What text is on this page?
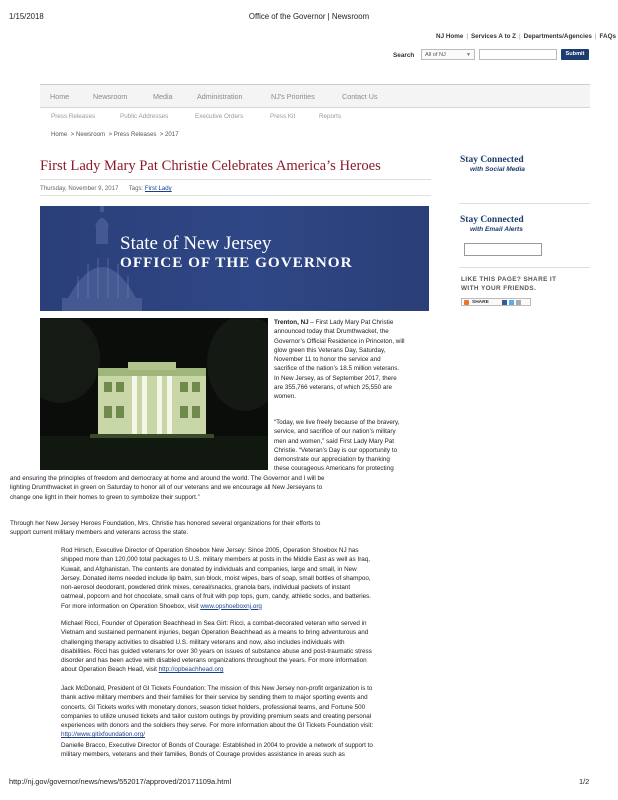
1/15/2018	Office of the Governor | Newsroom
NJ Home | Services A to Z | Departments/Agencies | FAQs
Search	All of NJ	▼	Submit
Home	Newsroom	Media	Administration	NJ's Priorities	Contact Us
Press Releases	Public Addresses	Executive Orders	Press Kit	Reports
Home > Newsroom > Press Releases > 2017
First Lady Mary Pat Christie Celebrates America’s Heroes
Thursday, November 9, 2017 Tags: First Lady
State of New Jersey
OFFICE OF THE GOVERNOR

Trenton, NJ – First Lady Mary Pat Christie
announced today that Drumthwacket, the
Governor’s Official Residence in Princeton, will
glow green this Veterans Day, Saturday,
November 11 to honor the service and
sacrifice of the nation’s 18.5 million veterans.
In New Jersey, as of September 2017, there
are 355,766 veterans, of which 25,550 are
women.

“Today, we live freely because of the bravery,
service, and sacrifice of our nation’s military
men and women,” said First Lady Mary Pat
Christie. “Veteran’s Day is our opportunity to
demonstrate our appreciation by thanking
these courageous Americans for protecting

and ensuring the principles of freedom and democracy at home and around the world. The Governor and I will be
lighting Drumthwacket in green on Saturday to honor all of our veterans and we encourage all New Jerseyans to
change one light in their homes to green to symbolize their support.”

Through her New Jersey Heroes Foundation, Mrs. Christie has honored several organizations for their efforts to
support current military members and veterans across the state.

Rod Hirsch, Executive Director of Operation Shoebox New Jersey: Since 2005, Operation Shoebox NJ has
shipped more than 120,000 total packages to U.S. military members at posts in the Middle East as well as Iraq,
Kuwait, and Afghanistan. The contents are donated by individuals and companies, large and small, in New
Jersey. Donated items needed include lip balm, sun block, moist wipes, bars of soap, small bottles of shampoo,
non-aerosol deodorant, powdered drink mixes, cereal/snacks, granola bars, individual packets of instant
oatmeal, popcorn and hot chocolate, small cans of fruit with pop tops, gum, candy, athletic socks, and batteries.
For more information on Operation Shoebox, visit www.opshoeboxnj.org

Michael Ricci, Founder of Operation Beachhead in Sea Girt: Ricci, a combat-decorated veteran who served in
Vietnam and sustained permanent injuries, began Operation Beachhead as a means to bring adventurous and
challenging therapy activities to disabled U.S. military veterans and now, also includes individuals with
disabilities. Ricci has guided veterans for over 30 years on issues of substance abuse and post-traumatic stress
disorder and has been active with disabled veterans organizations throughout the years. For more information
about Operation Beach Head, visit http://opbeachhead.org

Jack McDonald, President of GI Tickets Foundation: The mission of this New Jersey non-profit organization is to
thank active military members and their families for their service by sending them to major sporting events and
concerts. GI Tickets works with monetary donors, season ticket holders, professional teams, and Fortune 500
companies to utilize unused tickets and tailor custom outings by providing premium seats and creating personal
experiences with donors and the soldiers they serve. For more information about the GI Tickets Foundation visit:
http://www.gitixfoundation.org/

Danielle Bracco, Executive Director of Bonds of Courage: Established in 2004 to provide a network of support to
military members, veterans and their families, Bonds of Courage provides assistance in areas such as

Stay Connected
with Social Media
Stay Connected
with Email Alerts
LIKE THIS PAGE? SHARE IT
WITH YOUR FRIENDS.
SHARE
http://nj.gov/governor/news/news/552017/approved/20171109a.html	1/2
